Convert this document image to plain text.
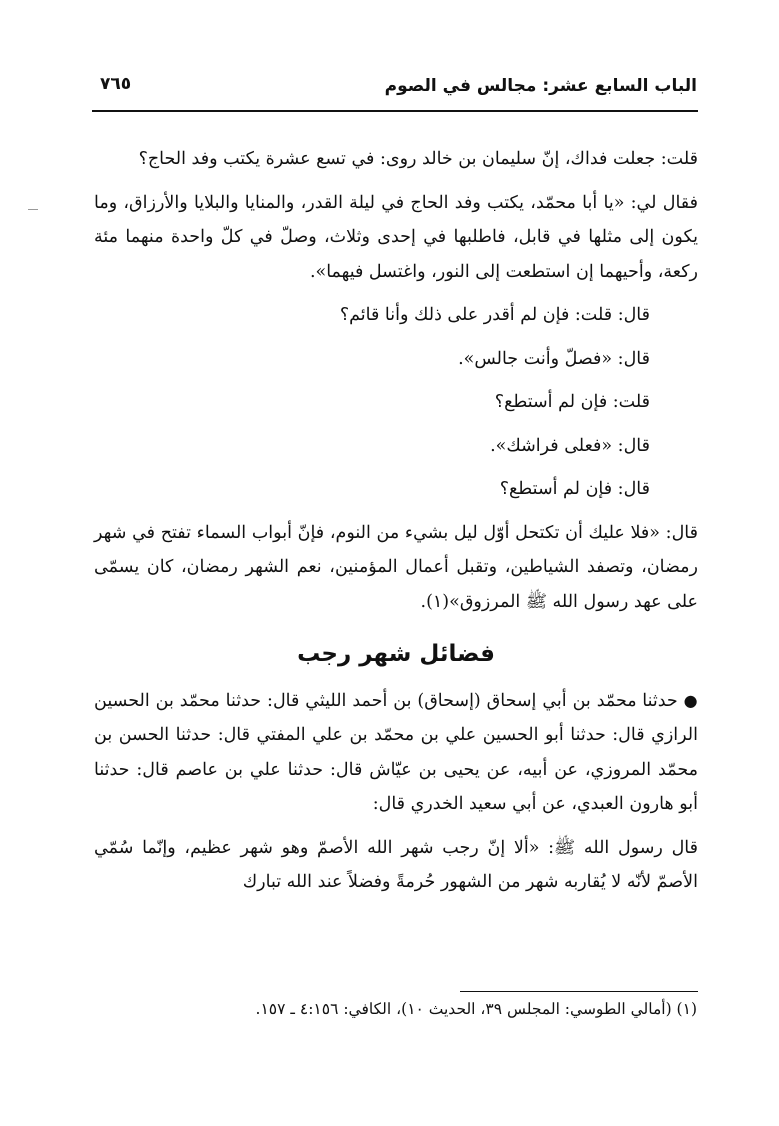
الباب السابع عشر: مجالس في الصوم
٧٦٥

قلت: جعلت فداك، إنّ سليمان بن خالد روى: في تسع عشرة يكتب وفد الحاج؟

فقال لي: «يا أبا محمّد، يكتب وفد الحاج في ليلة القدر، والمنايا والبلايا والأرزاق، وما يكون إلى مثلها في قابل، فاطلبها في إحدى وثلاث، وصلّ في كلّ واحدة منهما مئة ركعة، وأحيهما إن استطعت إلى النور، واغتسل فيهما».

قال: قلت: فإن لم أقدر على ذلك وأنا قائم؟

قال: «فصلّ وأنت جالس».

قلت: فإن لم أستطع؟

قال: «فعلى فراشك».

قال: فإن لم أستطع؟

قال: «فلا عليك أن تكتحل أوّل ليل بشيء من النوم، فإنّ أبواب السماء تفتح في شهر رمضان، وتصفد الشياطين، وتقبل أعمال المؤمنين، نعم الشهر رمضان، كان يسمّى على عهد رسول الله ﷺ المرزوق»(١).

فضائل شهر رجب

● حدثنا محمّد بن أبي إسحاق (إسحاق) بن أحمد الليثي قال: حدثنا محمّد بن الحسين الرازي قال: حدثنا أبو الحسين علي بن محمّد بن علي المفتي قال: حدثنا الحسن بن محمّد المروزي، عن أبيه، عن يحيى بن عيّاش قال: حدثنا علي بن عاصم قال: حدثنا أبو هارون العبدي، عن أبي سعيد الخدري قال:

قال رسول الله ﷺ: «ألا إنّ رجب شهر الله الأصمّ وهو شهر عظيم، وإنّما سُمّي الأصمّ لأنّه لا يُقاربه شهر من الشهور حُرمةً وفضلاً عند الله تبارك

(١) (أمالي الطوسي: المجلس ٣٩، الحديث ١٠)، الكافي: ٤:١٥٦ ـ ١٥٧.
